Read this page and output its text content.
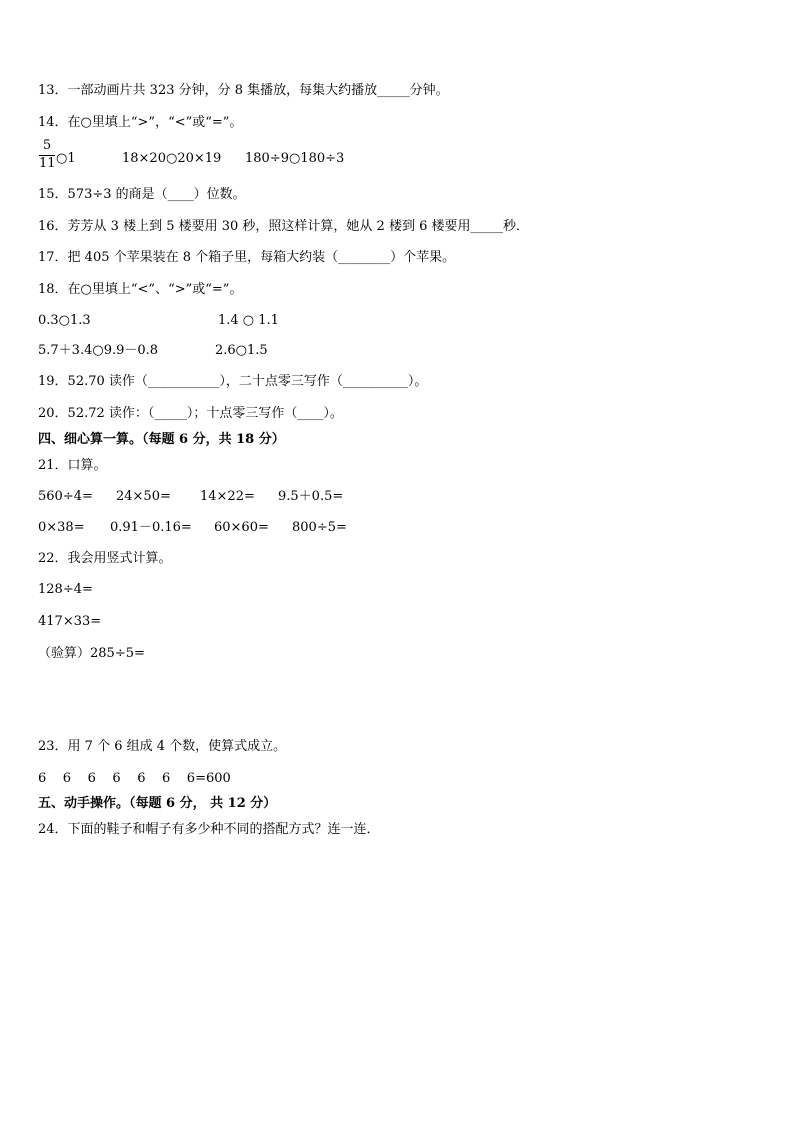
13．一部动画片共 323 分钟，分 8 集播放，每集大约播放_____分钟。
14．在○里填上“>”，“<”或“=”。
5
11 ○1	18×20○20×19 180÷9○180÷3
15．573÷3 的商是（____）位数。
16．芳芳从 3 楼上到 5 楼要用 30 秒，照这样计算，她从 2 楼到 6 楼要用_____秒．
17．把 405 个苹果装在 8 个箱子里，每箱大约装（________）个苹果。
18．在○里填上“<”、“>”或“=”。
0.3○1.3	1.4 ○ 1.1
5.7＋3.4○9.9－0.8	2.6○1.5
19．52.70 读作（___________），二十点零三写作（__________）。
20．52.72 读作：（_____）；十点零三写作（____）。
四、细心算一算。（每题 6 分，共 18 分）
21．口算。
560÷4= 24×50= 14×22= 9.5＋0.5=
0×38= 0.91－0.16= 60×60= 800÷5=
22．我会用竖式计算。
128÷4=
417×33=
（验算）285÷5=
23．用 7 个 6 组成 4 个数，使算式成立。
6    6    6    6    6    6    6=600
五、动手操作。（每题 6 分， 共 12 分）
24．下面的鞋子和帽子有多少种不同的搭配方式？连一连．
